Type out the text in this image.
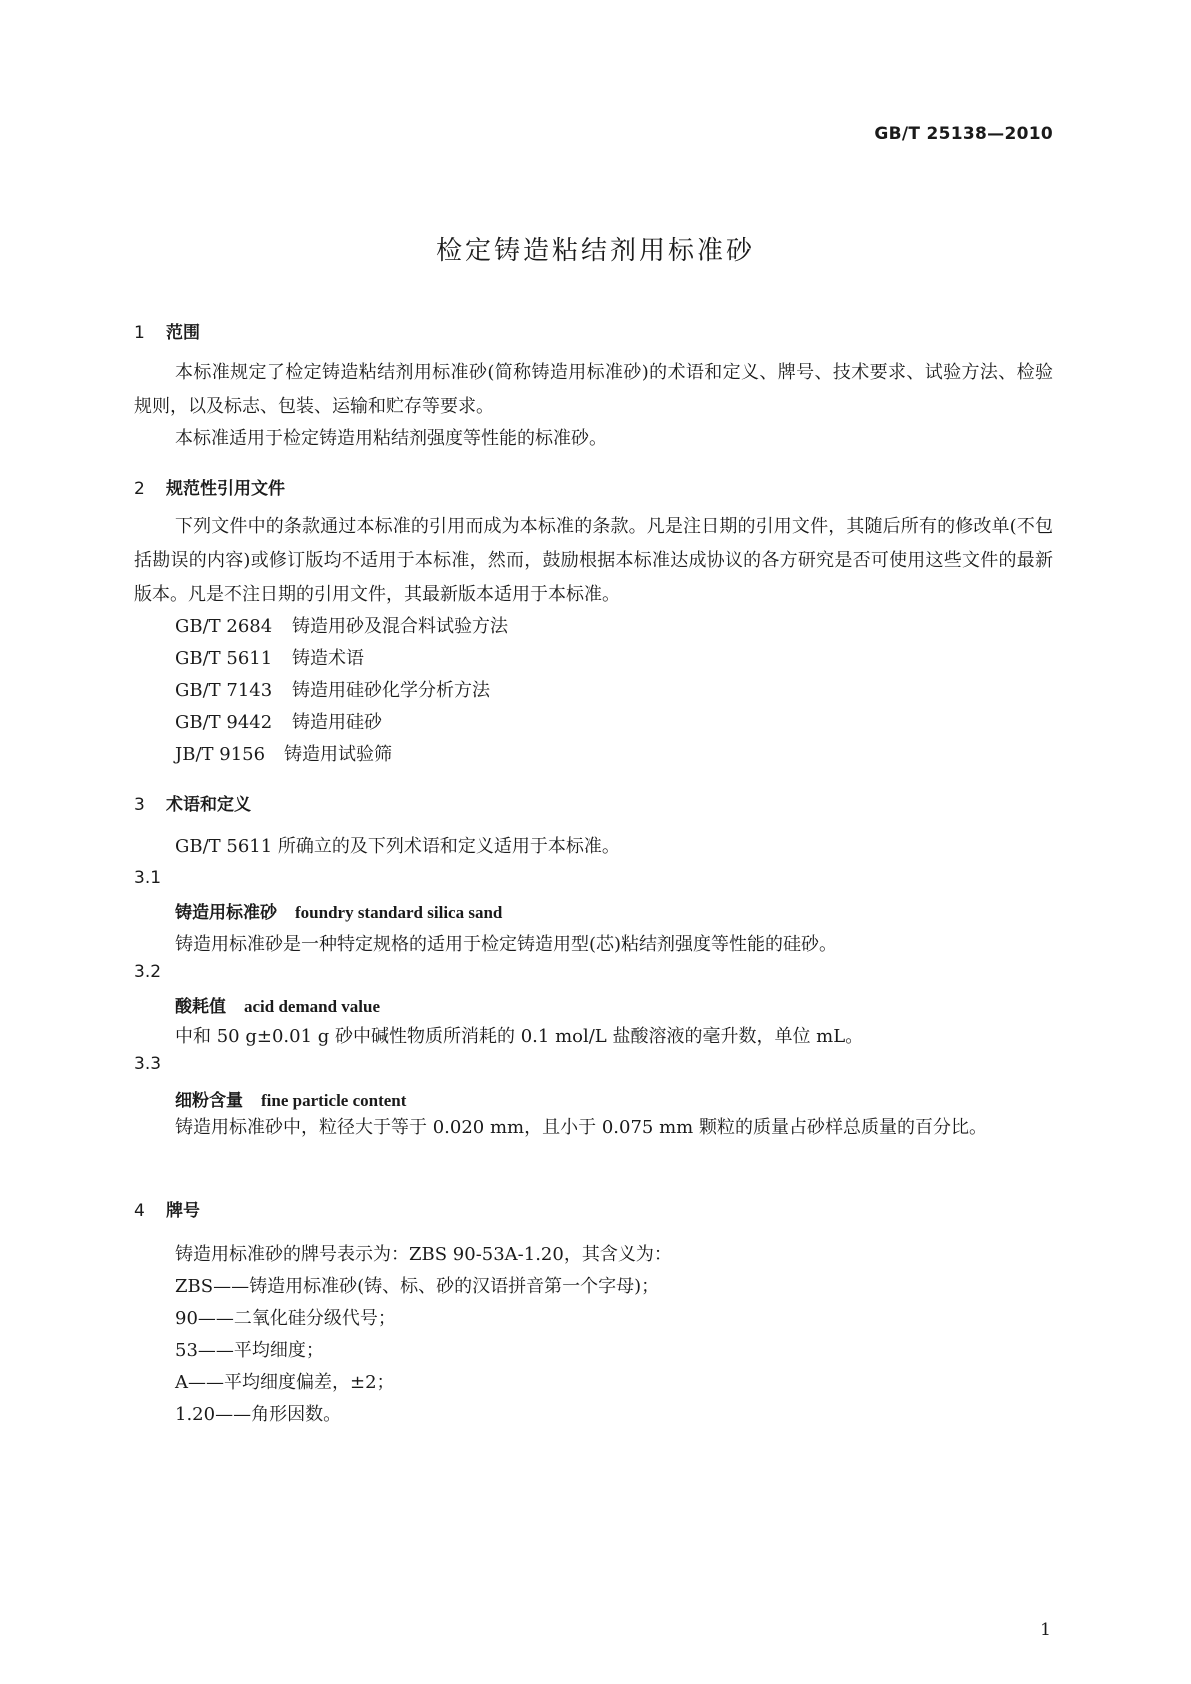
GB/T 25138—2010
检定铸造粘结剂用标准砂
1 范围
本标准规定了检定铸造粘结剂用标准砂(简称铸造用标准砂)的术语和定义、牌号、技术要求、试验方法、检验规则，以及标志、包装、运输和贮存等要求。
本标准适用于检定铸造用粘结剂强度等性能的标准砂。
2 规范性引用文件
下列文件中的条款通过本标准的引用而成为本标准的条款。凡是注日期的引用文件，其随后所有的修改单(不包括勘误的内容)或修订版均不适用于本标准，然而，鼓励根据本标准达成协议的各方研究是否可使用这些文件的最新版本。凡是不注日期的引用文件，其最新版本适用于本标准。
GB/T 2684 铸造用砂及混合料试验方法
GB/T 5611 铸造术语
GB/T 7143 铸造用硅砂化学分析方法
GB/T 9442 铸造用硅砂
JB/T 9156 铸造用试验筛
3 术语和定义
GB/T 5611 所确立的及下列术语和定义适用于本标准。
3.1
铸造用标准砂 foundry standard silica sand
铸造用标准砂是一种特定规格的适用于检定铸造用型(芯)粘结剂强度等性能的硅砂。
3.2
酸耗值 acid demand value
中和 50 g±0.01 g 砂中碱性物质所消耗的 0.1 mol/L 盐酸溶液的毫升数，单位 mL。
3.3
细粉含量 fine particle content
铸造用标准砂中，粒径大于等于 0.020 mm，且小于 0.075 mm 颗粒的质量占砂样总质量的百分比。
4 牌号
铸造用标准砂的牌号表示为：ZBS 90-53A-1.20，其含义为：
ZBS——铸造用标准砂(铸、标、砂的汉语拼音第一个字母)；
90——二氧化硅分级代号；
53——平均细度；
A——平均细度偏差，±2；
1.20——角形因数。
1
